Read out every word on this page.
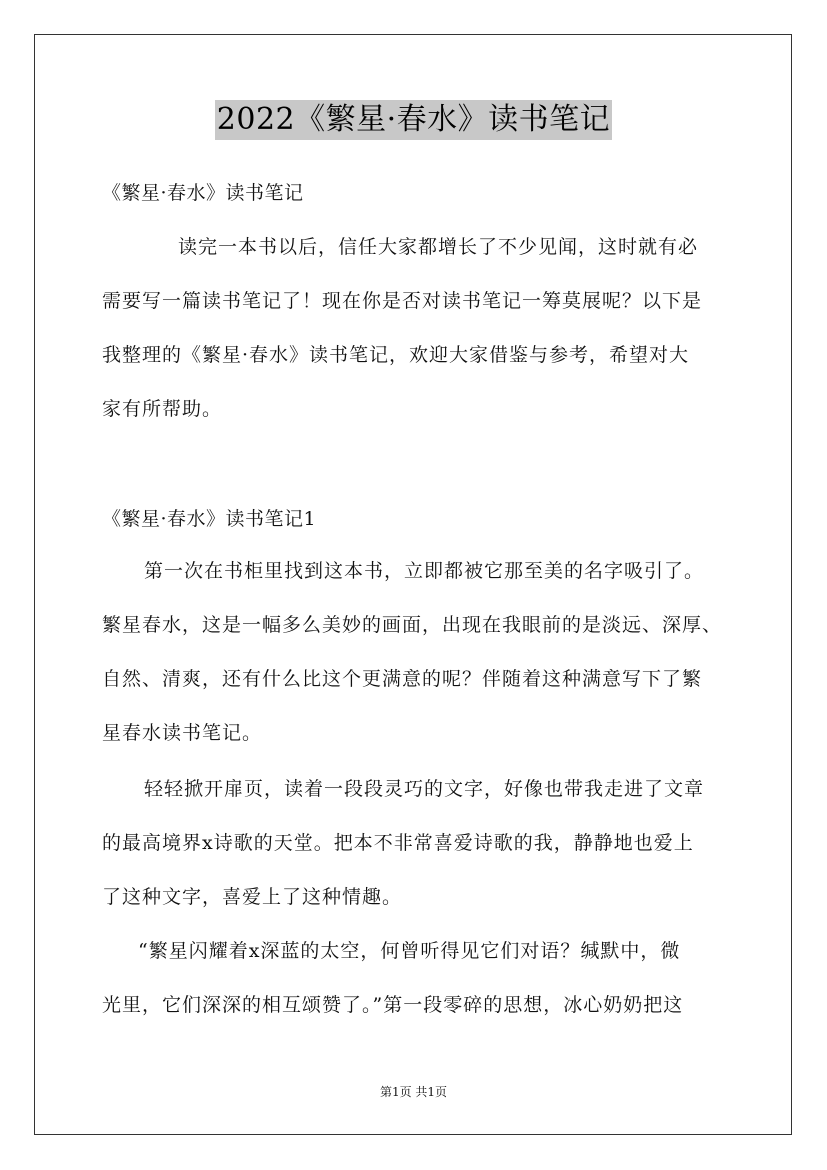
2022《繁星·春水》读书笔记
《繁星·春水》读书笔记
读完一本书以后，信任大家都增长了不少见闻，这时就有必
需要写一篇读书笔记了！现在你是否对读书笔记一筹莫展呢？以下是
我整理的《繁星·春水》读书笔记，欢迎大家借鉴与参考，希望对大
家有所帮助。
《繁星·春水》读书笔记1
第一次在书柜里找到这本书，立即都被它那至美的名字吸引了。
繁星春水，这是一幅多么美妙的画面，出现在我眼前的是淡远、深厚、
自然、清爽，还有什么比这个更满意的呢？伴随着这种满意写下了繁
星春水读书笔记。
轻轻掀开扉页，读着一段段灵巧的文字，好像也带我走进了文章
的最高境界x诗歌的天堂。把本不非常喜爱诗歌的我，静静地也爱上
了这种文字，喜爱上了这种情趣。
“繁星闪耀着x深蓝的太空，何曾听得见它们对语？缄默中，微
光里，它们深深的相互颂赞了。”第一段零碎的思想，冰心奶奶把这
第1页 共1页
